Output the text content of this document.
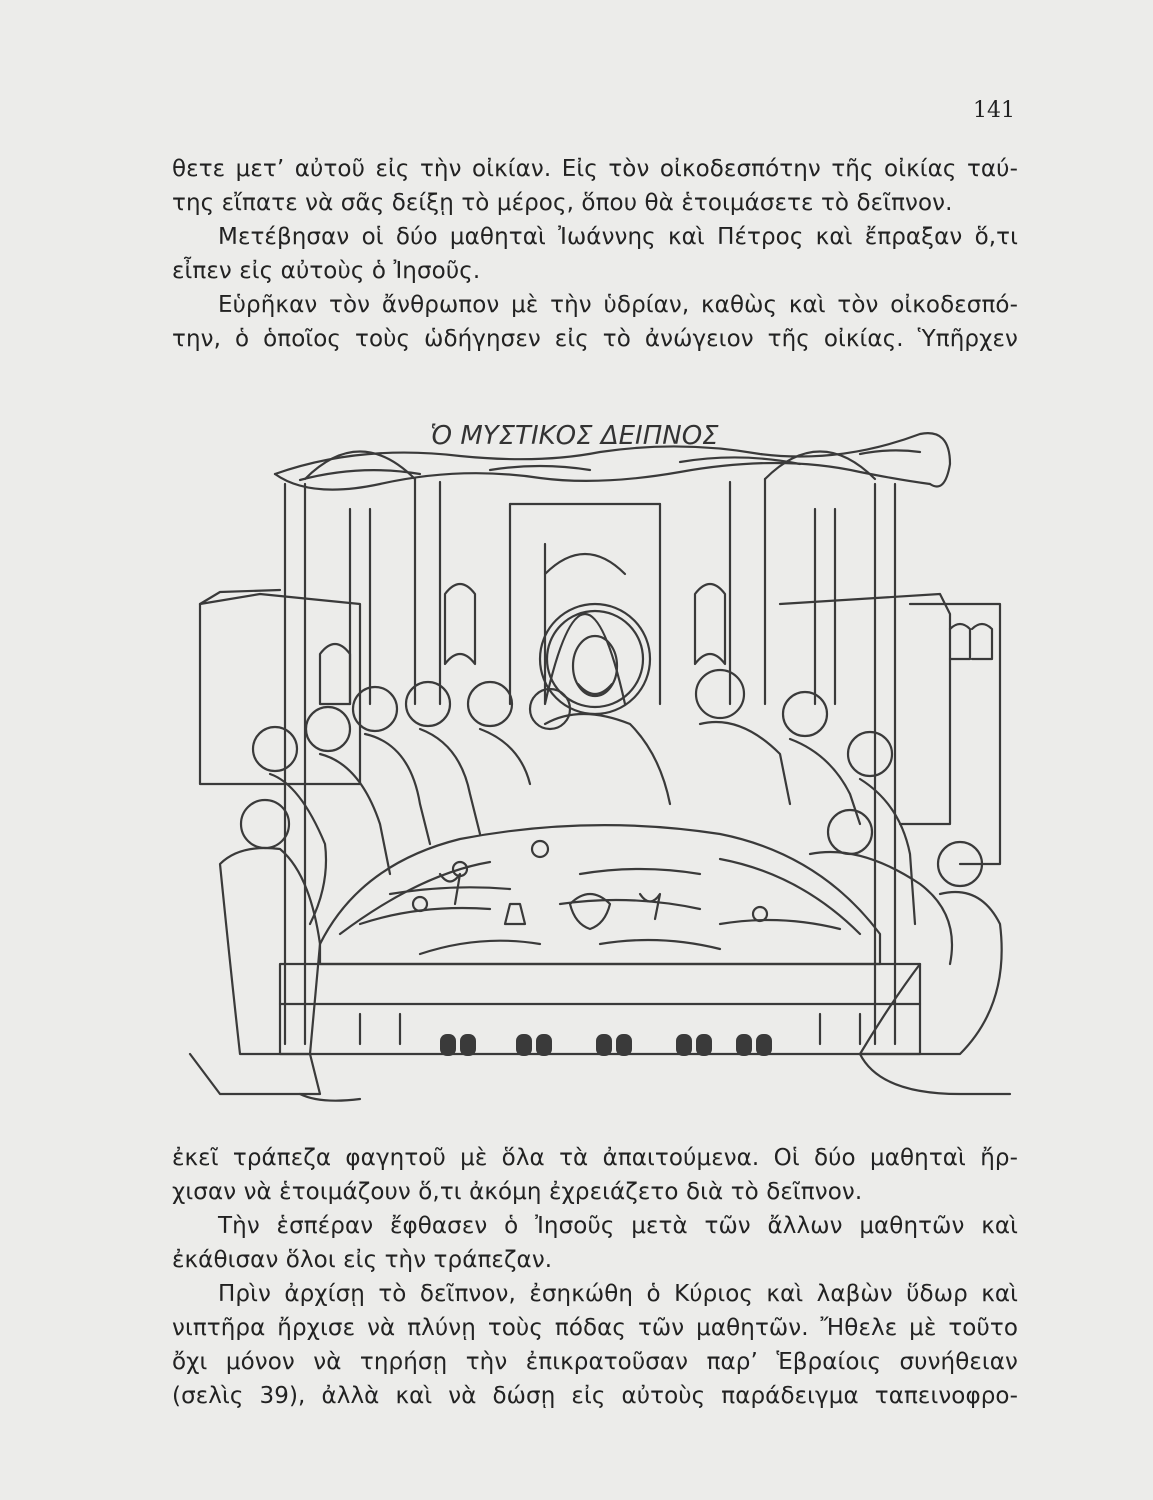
141

θετε μετ’ αὐτοῦ εἰς τὴν οἰκίαν. Εἰς τὸν οἰκοδεσπότην τῆς οἰκίας ταύ-

της εἴπατε νὰ σᾶς δείξῃ τὸ μέρος, ὅπου θὰ ἑτοιμάσετε τὸ δεῖπνον.

Μετέβησαν οἱ δύο μαθηταὶ Ἰωάννης καὶ Πέτρος καὶ ἔπραξαν ὅ,τι

εἶπεν εἰς αὐτοὺς ὁ Ἰησοῦς.

Εὑρῆκαν τὸν ἄνθρωπον μὲ τὴν ὑδρίαν, καθὼς καὶ τὸν οἰκοδεσπό-

την, ὁ ὁποῖος τοὺς ὡδήγησεν εἰς τὸ ἀνώγειον τῆς οἰκίας. Ὑπῆρχεν

Ὁ ΜΥΣΤΙΚΟΣ ΔΕΙΠΝΟΣ

ἐκεῖ τράπεζα φαγητοῦ μὲ ὅλα τὰ ἀπαιτούμενα. Οἱ δύο μαθηταὶ ἤρ-

χισαν νὰ ἑτοιμάζουν ὅ,τι ἀκόμη ἐχρειάζετο διὰ τὸ δεῖπνον.

Τὴν ἑσπέραν ἔφθασεν ὁ Ἰησοῦς μετὰ τῶν ἄλλων μαθητῶν καὶ

ἐκάθισαν ὅλοι εἰς τὴν τράπεζαν.

Πρὶν ἀρχίσῃ τὸ δεῖπνον, ἐσηκώθη ὁ Κύριος καὶ λαβὼν ὕδωρ καὶ

νιπτῆρα ἤρχισε νὰ πλύνῃ τοὺς πόδας τῶν μαθητῶν. Ἤθελε μὲ τοῦτο

ὄχι μόνον νὰ τηρήσῃ τὴν ἐπικρατοῦσαν παρ’ Ἑβραίοις συνήθειαν

(σελὶς 39), ἀλλὰ καὶ νὰ δώσῃ εἰς αὐτοὺς παράδειγμα ταπεινοφρο-
